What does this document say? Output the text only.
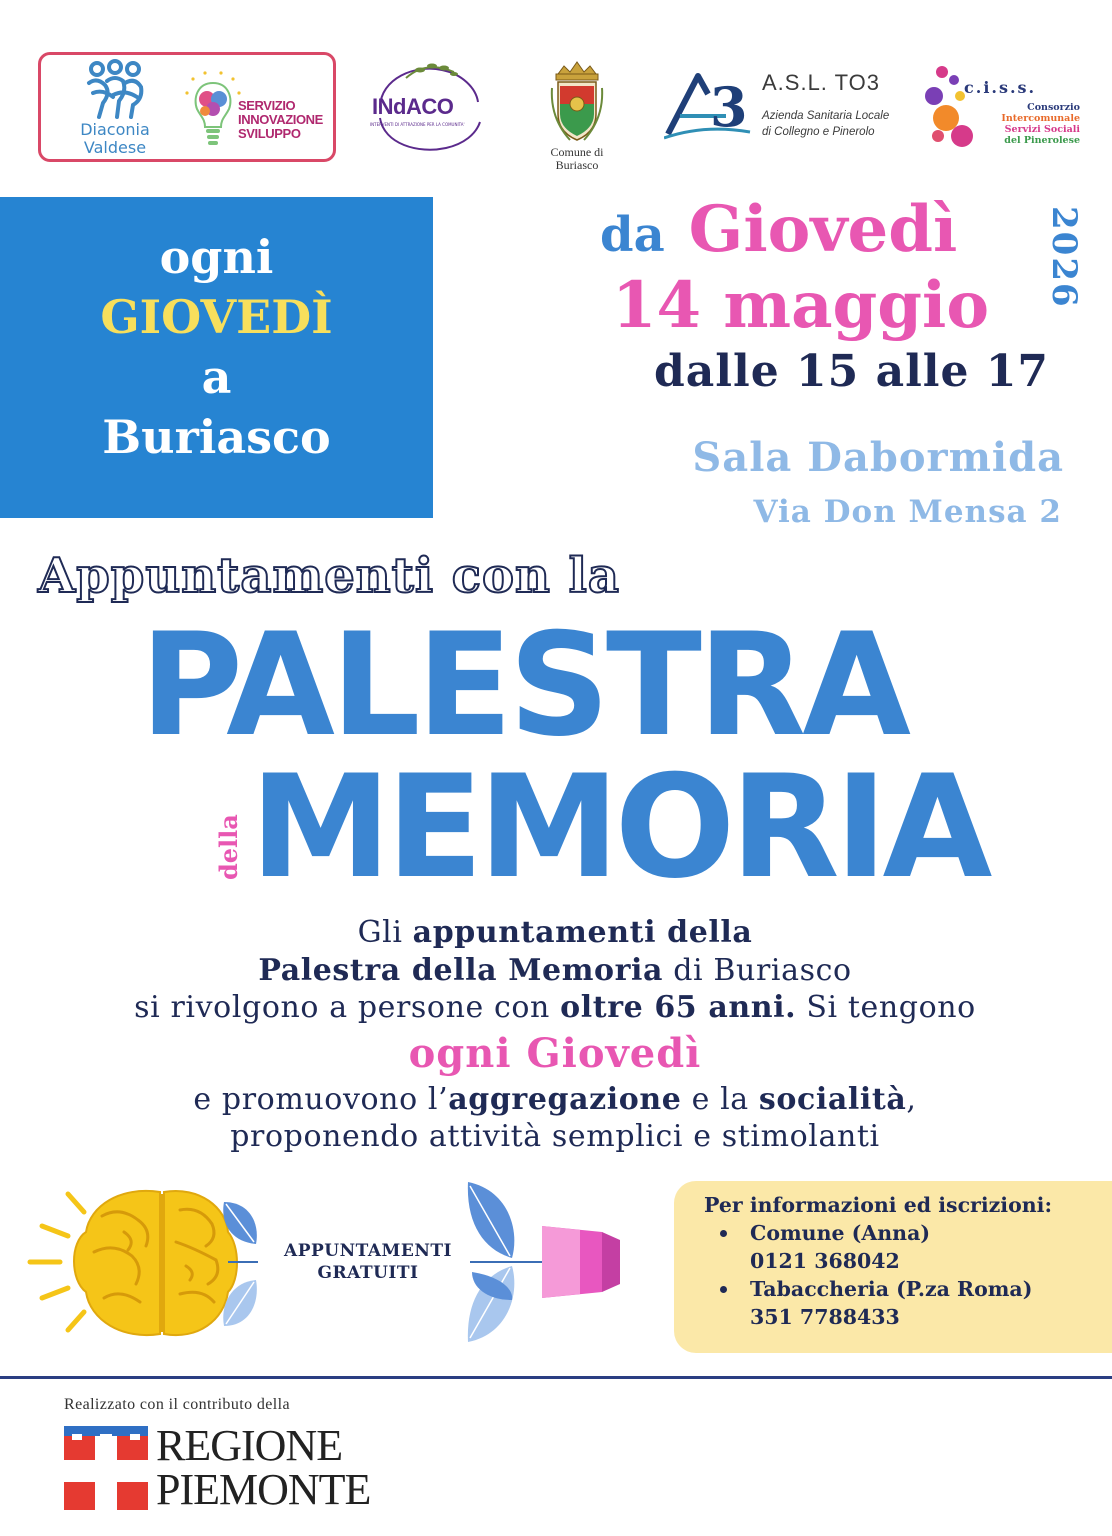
Diaconia
Valdese
SERVIZIO
INNOVAZIONE
SVILUPPO
INdACO
INTERVENTI DI ATTRAZIONE PER LA COMUNITA'
Comune di
Buriasco
3 A.S.L. TO3
Azienda Sanitaria Locale
di Collegno e Pinerolo
c.i.s.s.
Consorzio
Intercomunale
Servizi Sociali
del Pinerolese
ogni
GIOVEDÌ
a
Buriasco
da Giovedì
14 maggio 2026
dalle 15 alle 17
Sala Dabormida
Via Don Mensa 2
Appuntamenti con la
PALESTRA
della MEMORIA
Gli appuntamenti della
Palestra della Memoria di Buriasco
si rivolgono a persone con oltre 65 anni. Si tengono
ogni Giovedì
e promuovono l’aggregazione e la socialità,
proponendo attività semplici e stimolanti
APPUNTAMENTI
GRATUITI
Per informazioni ed iscrizioni:
Comune (Anna)
0121 368042
Tabaccheria (P.za Roma)
351 7788433
Realizzato con il contributo della
REGIONE
PIEMONTE
